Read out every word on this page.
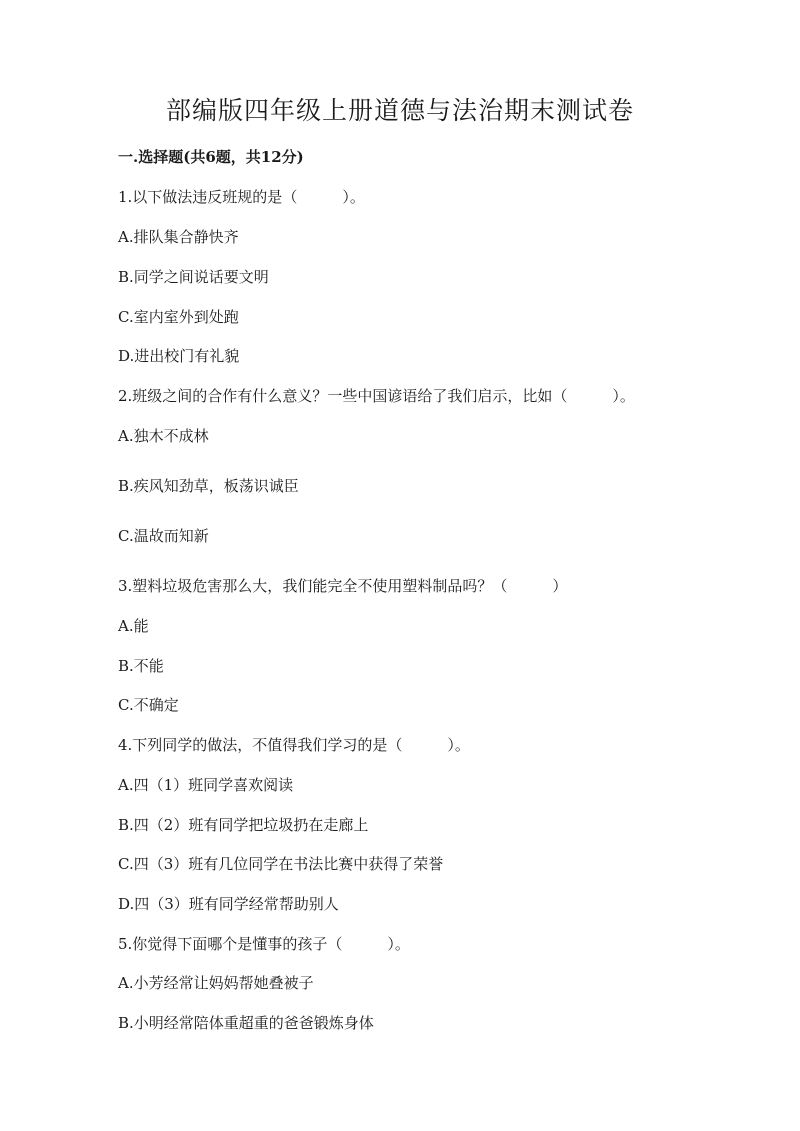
部编版四年级上册道德与法治期末测试卷
一.选择题(共6题，共12分)
1.以下做法违反班规的是（　　　）。
A.排队集合静快齐
B.同学之间说话要文明
C.室内室外到处跑
D.进出校门有礼貌
2.班级之间的合作有什么意义？一些中国谚语给了我们启示，比如（　　　）。
A.独木不成林
B.疾风知劲草，板荡识诚臣
C.温故而知新
3.塑料垃圾危害那么大，我们能完全不使用塑料制品吗？（　　　）
A.能
B.不能
C.不确定
4.下列同学的做法，不值得我们学习的是（　　　）。
A.四（1）班同学喜欢阅读
B.四（2）班有同学把垃圾扔在走廊上
C.四（3）班有几位同学在书法比赛中获得了荣誉
D.四（3）班有同学经常帮助别人
5.你觉得下面哪个是懂事的孩子（　　　）。
A.小芳经常让妈妈帮她叠被子
B.小明经常陪体重超重的爸爸锻炼身体
